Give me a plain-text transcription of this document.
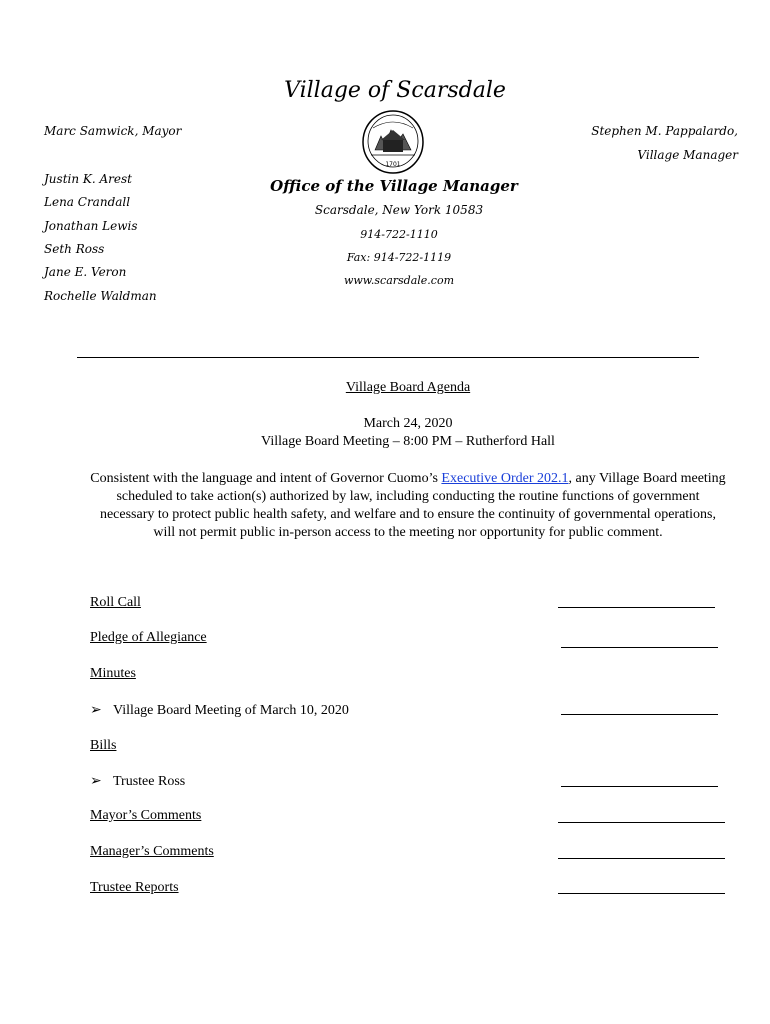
Village of Scarsdale
Marc Samwick, Mayor
Justin K. Arest
Lena Crandall
Jonathan Lewis
Seth Ross
Jane E. Veron
Rochelle Waldman
Stephen M. Pappalardo,
Village Manager
1701
Office of the Village Manager
Scarsdale, New York 10583
914-722-1110
Fax: 914-722-1119
www.scarsdale.com
Village Board Agenda
March 24, 2020
Village Board Meeting – 8:00 PM – Rutherford Hall
Consistent with the language and intent of Governor Cuomo’s Executive Order 202.1, any Village Board meeting scheduled to take action(s) authorized by law, including conducting the routine functions of government necessary to protect public health safety, and welfare and to ensure the continuity of governmental operations, will not permit public in-person access to the meeting nor opportunity for public comment.
Roll Call
Pledge of Allegiance
Minutes
➢ Village Board Meeting of March 10, 2020
Bills
➢ Trustee Ross
Mayor’s Comments
Manager’s Comments
Trustee Reports
